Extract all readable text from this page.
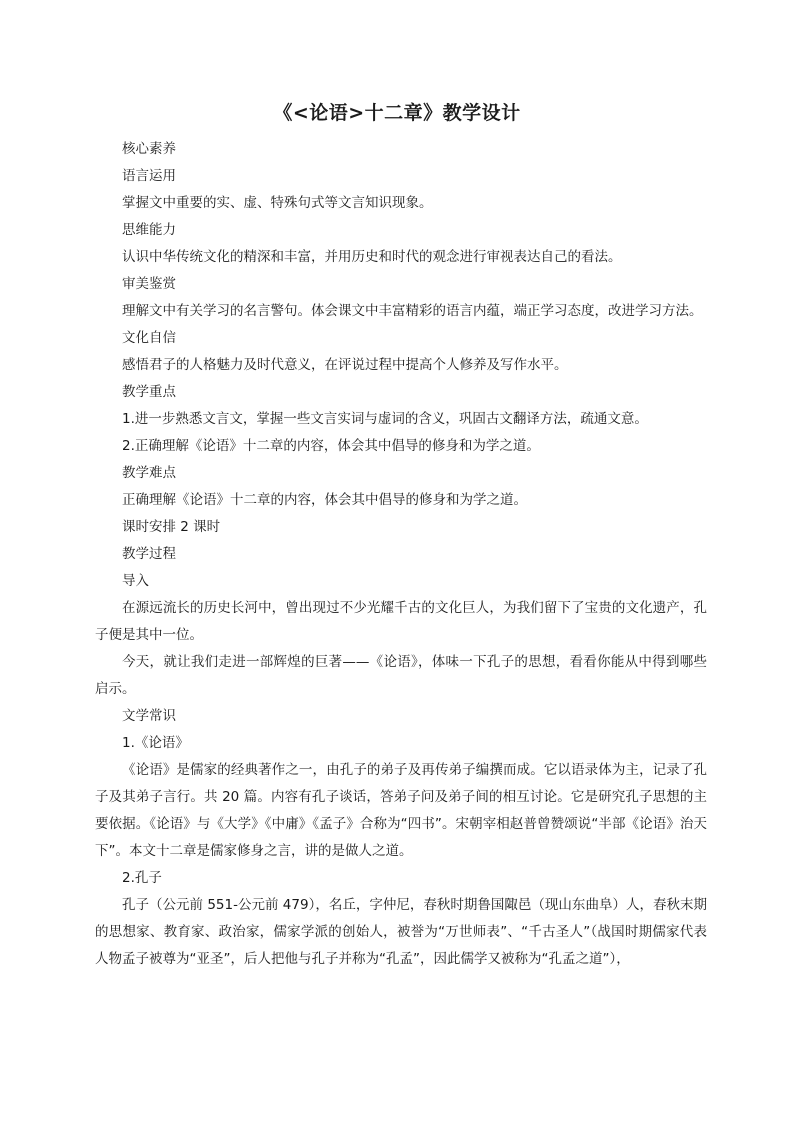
《<论语>十二章》教学设计

核心素养

语言运用

掌握文中重要的实、虚、特殊句式等文言知识现象。

思维能力

认识中华传统文化的精深和丰富，并用历史和时代的观念进行审视表达自己的看法。

审美鉴赏

理解文中有关学习的名言警句。体会课文中丰富精彩的语言内蕴，端正学习态度，改进学习方法。

文化自信

感悟君子的人格魅力及时代意义，在评说过程中提高个人修养及写作水平。

教学重点

1.进一步熟悉文言文，掌握一些文言实词与虚词的含义，巩固古文翻译方法，疏通文意。

2.正确理解《论语》十二章的内容，体会其中倡导的修身和为学之道。

教学难点

正确理解《论语》十二章的内容，体会其中倡导的修身和为学之道。

课时安排 2 课时

教学过程

导入

在源远流长的历史长河中，曾出现过不少光耀千古的文化巨人，为我们留下了宝贵的文化遗产，孔子便是其中一位。

今天，就让我们走进一部辉煌的巨著——《论语》，体味一下孔子的思想，看看你能从中得到哪些启示。

文学常识

1.《论语》

《论语》是儒家的经典著作之一，由孔子的弟子及再传弟子编撰而成。它以语录体为主，记录了孔子及其弟子言行。共 20 篇。内容有孔子谈话，答弟子问及弟子间的相互讨论。它是研究孔子思想的主要依据。《论语》与《大学》《中庸》《孟子》合称为“四书”。宋朝宰相赵普曾赞颂说“半部《论语》治天下”。本文十二章是儒家修身之言，讲的是做人之道。

2.孔子

孔子（公元前 551-公元前 479），名丘，字仲尼，春秋时期鲁国陬邑（现山东曲阜）人，春秋末期的思想家、教育家、政治家，儒家学派的创始人，被誉为“万世师表”、“千古圣人”（战国时期儒家代表人物孟子被尊为“亚圣”，后人把他与孔子并称为“孔孟”，因此儒学又被称为“孔孟之道”），
